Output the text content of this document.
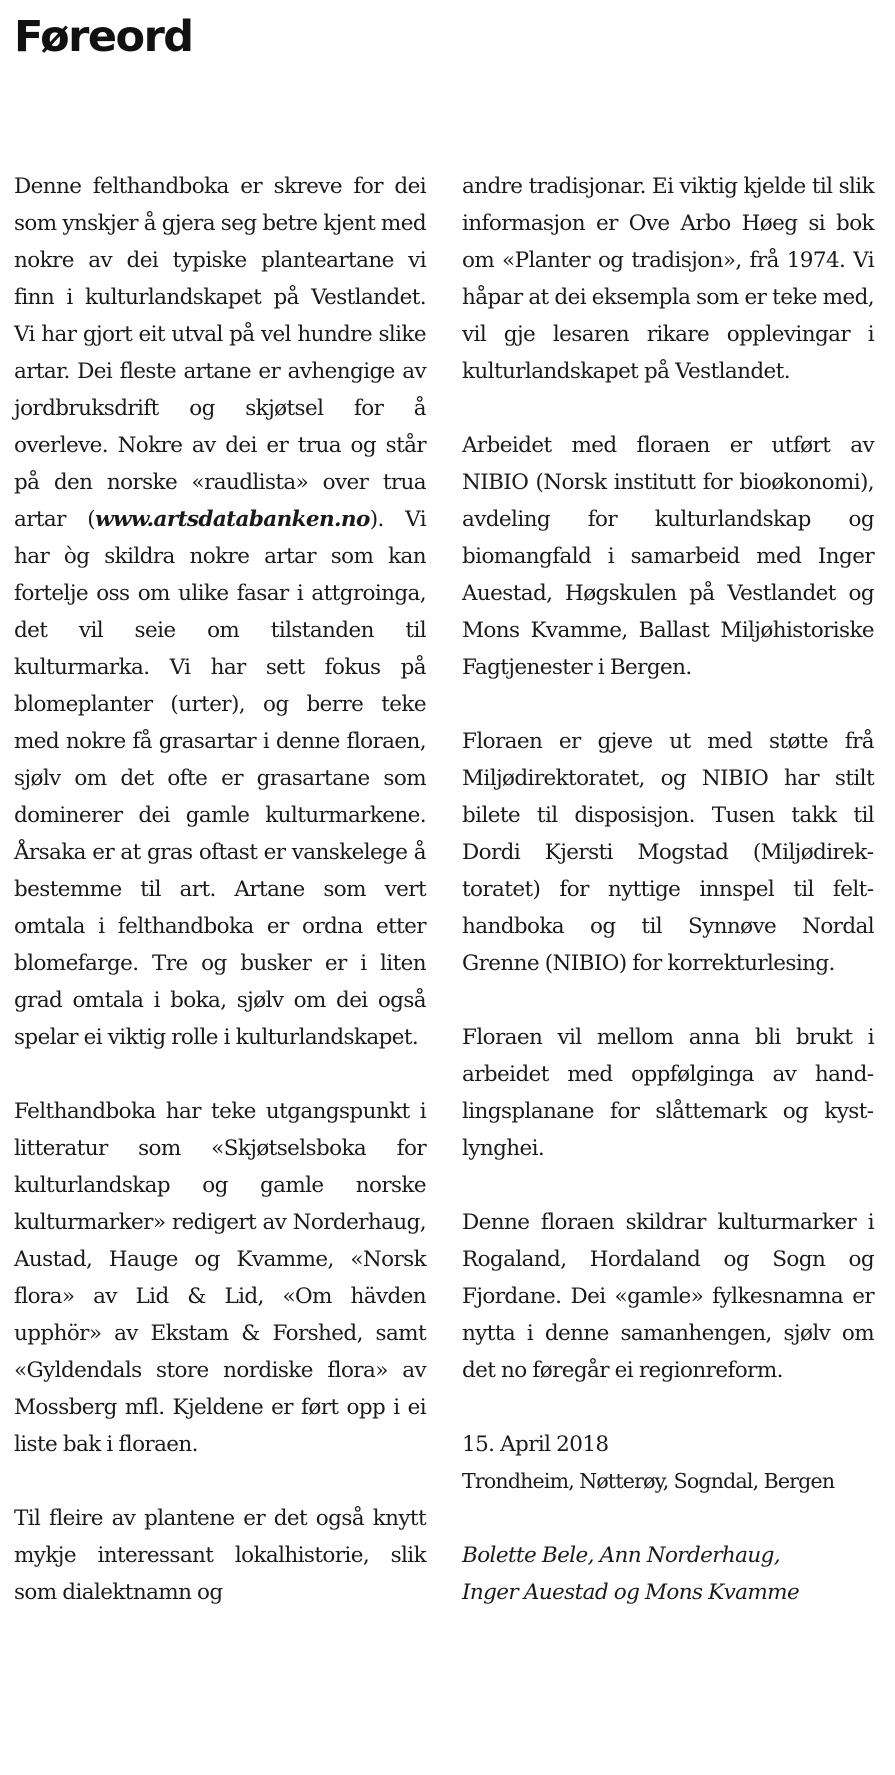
Føreord

Denne felthandboka er skreve for dei som ynskjer å gjera seg betre kjent med nokre av dei typiske planteartane vi finn i kulturlandskapet på Vestlandet. Vi har gjort eit utval på vel hundre slike artar. Dei fleste artane er avhengige av jordbruksdrift og skjøtsel for å overleve. Nokre av dei er trua og står på den norske «raudlista» over trua artar (www.artsdatabanken.no). Vi har òg skildra nokre artar som kan fortelje oss om ulike fasar i attgroinga, det vil seie om tilstanden til kulturmarka. Vi har sett fokus på blomeplanter (urter), og berre teke med nokre få grasartar i denne floraen, sjølv om det ofte er grasartane som dominerer dei gamle kulturmarkene. Årsaka er at gras oftast er vanskelege å bestemme til art. Artane som vert omtala i felthandboka er ordna etter blomefarge. Tre og busker er i liten grad omtala i boka, sjølv om dei også spelar ei viktig rolle i kulturlandskapet.

Felthandboka har teke utgangspunkt i litteratur som «Skjøtselsboka for kulturlandskap og gamle norske kulturmarker» redigert av Norderhaug, Austad, Hauge og Kvamme, «Norsk flora» av Lid & Lid, «Om hävden upphör» av Ekstam & Forshed, samt «Gyldendals store nordiske flora» av Mossberg mfl. Kjeldene er ført opp i ei liste bak i floraen.

Til fleire av plantene er det også knytt mykje interessant lokalhistorie, slik som dialektnamn og

andre tradisjonar. Ei viktig kjelde til slik informasjon er Ove Arbo Høeg si bok om «Planter og tradisjon», frå 1974. Vi håpar at dei eksempla som er teke med, vil gje lesaren rikare opplevingar i kulturlandskapet på Vestlandet.

Arbeidet med floraen er utført av NIBIO (Norsk institutt for bioøkonomi), avdeling for kulturlandskap og biomangfald i samarbeid med Inger Auestad, Høgskulen på Vestlandet og Mons Kvamme, Ballast Miljøhistoriske Fagtjenester i Bergen.

Floraen er gjeve ut med støtte frå Miljødirektoratet, og NIBIO har stilt bilete til disposisjon. Tusen takk til Dordi Kjersti Mogstad (Miljødirektoratet) for nyttige innspel til felthandboka og til Synnøve Nordal Grenne (NIBIO) for korrekturlesing.

Floraen vil mellom anna bli brukt i arbeidet med oppfølginga av handlingsplanane for slåttemark og kystlynghei.

Denne floraen skildrar kulturmarker i Rogaland, Hordaland og Sogn og Fjordane. Dei «gamle» fylkesnamna er nytta i denne samanhengen, sjølv om det no føregår ei regionreform.

15. April 2018
Trondheim, Nøtterøy, Sogndal, Bergen
Bolette Bele, Ann Norderhaug,
Inger Auestad og Mons Kvamme
